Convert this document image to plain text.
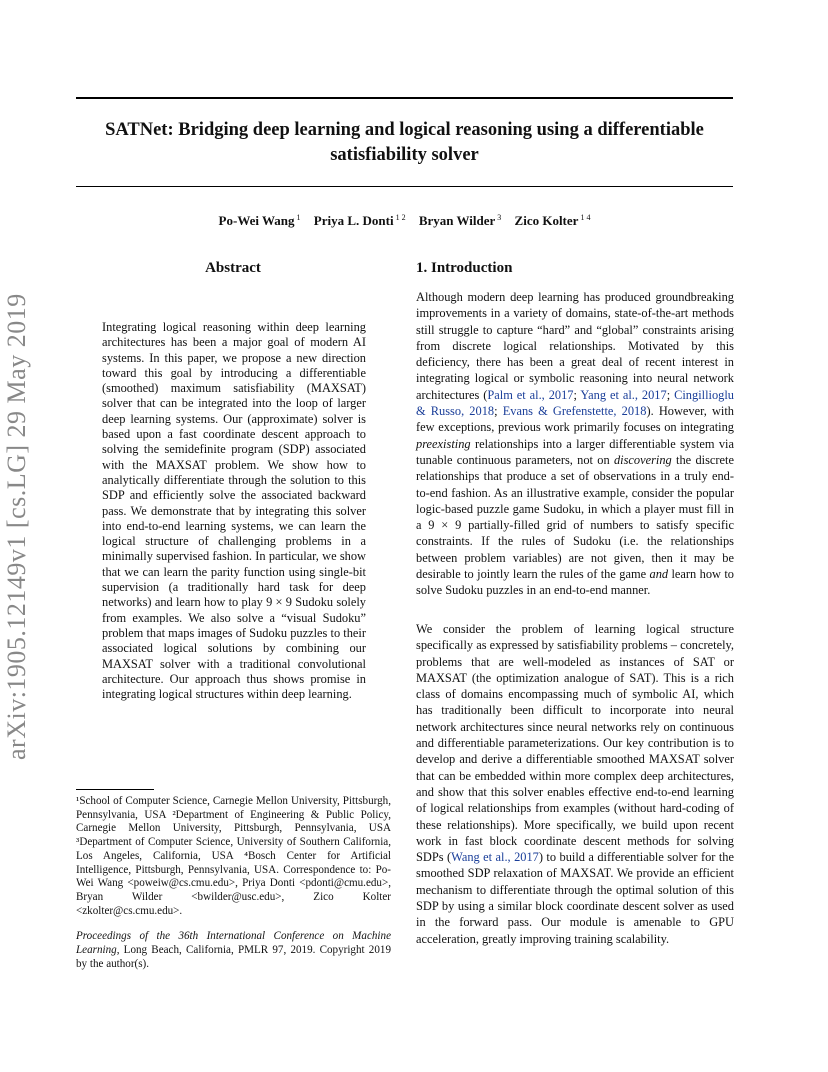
SATNet: Bridging deep learning and logical reasoning using a differentiable satisfiability solver
Po-Wei Wang $^1$ Priya L. Donti $^{1 2}$ Bryan Wilder $^3$ Zico Kolter $^{1 4}$
arXiv:1905.12149v1 [cs.LG] 29 May 2019
Abstract
Integrating logical reasoning within deep learning architectures has been a major goal of modern AI systems. In this paper, we propose a new direction toward this goal by introducing a differentiable (smoothed) maximum satisfiability (MAXSAT) solver that can be integrated into the loop of larger deep learning systems. Our (approximate) solver is based upon a fast coordinate descent approach to solving the semidefinite program (SDP) associated with the MAXSAT problem. We show how to analytically differentiate through the solution to this SDP and efficiently solve the associated backward pass. We demonstrate that by integrating this solver into end-to-end learning systems, we can learn the logical structure of challenging problems in a minimally supervised fashion. In particular, we show that we can learn the parity function using single-bit supervision (a traditionally hard task for deep networks) and learn how to play 9 × 9 Sudoku solely from examples. We also solve a “visual Sudoku” problem that maps images of Sudoku puzzles to their associated logical solutions by combining our MAXSAT solver with a traditional convolutional architecture. Our approach thus shows promise in integrating logical structures within deep learning.
¹School of Computer Science, Carnegie Mellon University, Pittsburgh, Pennsylvania, USA ²Department of Engineering & Public Policy, Carnegie Mellon University, Pittsburgh, Pennsylvania, USA ³Department of Computer Science, University of Southern California, Los Angeles, California, USA ⁴Bosch Center for Artificial Intelligence, Pittsburgh, Pennsylvania, USA. Correspondence to: Po-Wei Wang <poweiw@cs.cmu.edu>, Priya Donti <pdonti@cmu.edu>, Bryan Wilder <bwilder@usc.edu>, Zico Kolter <zkolter@cs.cmu.edu>.
Proceedings of the 36th International Conference on Machine Learning, Long Beach, California, PMLR 97, 2019. Copyright 2019 by the author(s).
1. Introduction

Although modern deep learning has produced groundbreaking improvements in a variety of domains, state-of-the-art methods still struggle to capture “hard” and “global” constraints arising from discrete logical relationships. Motivated by this deficiency, there has been a great deal of recent interest in integrating logical or symbolic reasoning into neural network architectures (Palm et al., 2017; Yang et al., 2017; Cingillioglu & Russo, 2018; Evans & Grefenstette, 2018). However, with few exceptions, previous work primarily focuses on integrating preexisting relationships into a larger differentiable system via tunable continuous parameters, not on discovering the discrete relationships that produce a set of observations in a truly end-to-end fashion. As an illustrative example, consider the popular logic-based puzzle game Sudoku, in which a player must fill in a 9 × 9 partially-filled grid of numbers to satisfy specific constraints. If the rules of Sudoku (i.e. the relationships between problem variables) are not given, then it may be desirable to jointly learn the rules of the game and learn how to solve Sudoku puzzles in an end-to-end manner.

We consider the problem of learning logical structure specifically as expressed by satisfiability problems – concretely, problems that are well-modeled as instances of SAT or MAXSAT (the optimization analogue of SAT). This is a rich class of domains encompassing much of symbolic AI, which has traditionally been difficult to incorporate into neural network architectures since neural networks rely on continuous and differentiable parameterizations. Our key contribution is to develop and derive a differentiable smoothed MAXSAT solver that can be embedded within more complex deep architectures, and show that this solver enables effective end-to-end learning of logical relationships from examples (without hard-coding of these relationships). More specifically, we build upon recent work in fast block coordinate descent methods for solving SDPs (Wang et al., 2017) to build a differentiable solver for the smoothed SDP relaxation of MAXSAT. We provide an efficient mechanism to differentiate through the optimal solution of this SDP by using a similar block coordinate descent solver as used in the forward pass. Our module is amenable to GPU acceleration, greatly improving training scalability.
